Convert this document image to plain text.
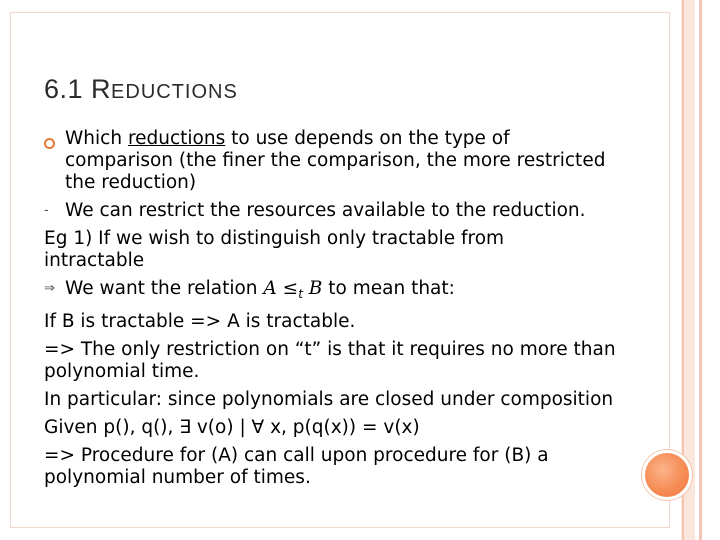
6.1 REDUCTIONS
Which reductions to use depends on the type of
comparison (the finer the comparison, the more restricted
the reduction)
- We can restrict the resources available to the reduction.
Eg 1) If we wish to distinguish only tractable from
intractable
⇒ We want the relation $A \le_t$ B to mean that:
If B is tractable => A is tractable.
=> The only restriction on “t” is that it requires no more than
polynomial time.
In particular: since polynomials are closed under composition
Given p(), q(), ∃ v(o) | ∀ x, p(q(x)) = v(x)
=> Procedure for (A) can call upon procedure for (B) a
polynomial number of times.
